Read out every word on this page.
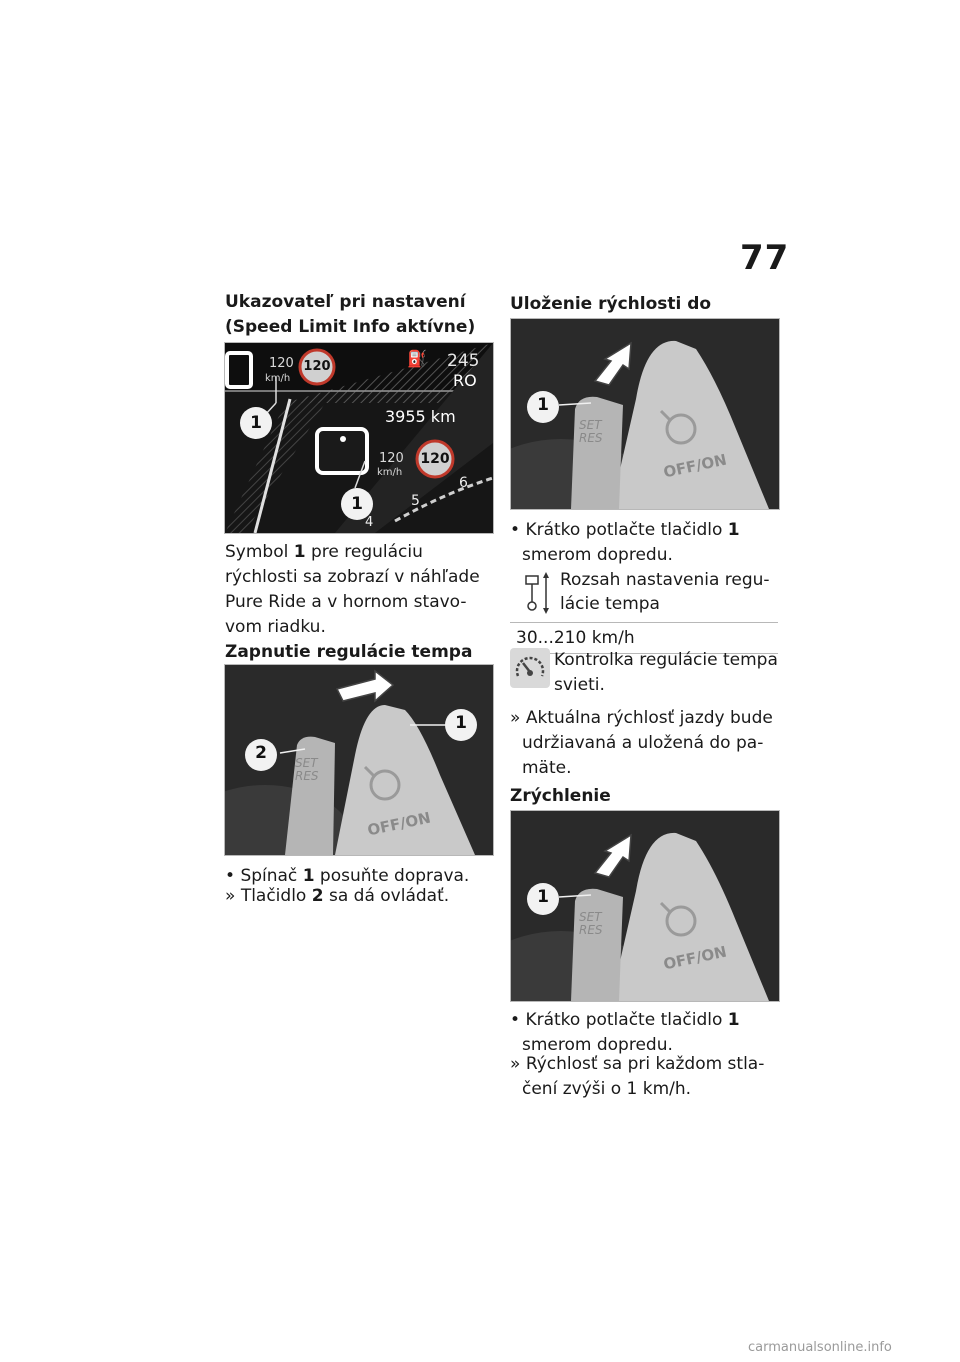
77
Ukazovateľ pri nastavení
(Speed Limit Info aktívne)
120
km/h
120	⛽ 245
RO
3955 km
120
km/h
120
1
1
4
5
6
Symbol 1 pre reguláciu
rýchlosti sa zobrazí v náhľade
Pure Ride a v hornom stavo-
vom riadku.
Zapnutie regulácie tempa
1
2 SET
RES
OFF/ON
• Spínač 1 posuňte doprava.
» Tlačidlo 2 sa dá ovládať.
Uloženie rýchlosti do
1
SET
RES
OFF/ON
• Krátko potlačte tlačidlo 1
smerom dopredu.
Rozsah nastavenia regu-
lácie tempa
30...210 km/h
Kontrolka regulácie tempa
svieti.
» Aktuálna rýchlosť jazdy bude
udržiavaná a uložená do pa-
mäte.
Zrýchlenie
1
SET
RES
OFF/ON
• Krátko potlačte tlačidlo 1
smerom dopredu.
» Rýchlosť sa pri každom stla-
čení zvýši o 1 km/h.
carmanualsonline.info
